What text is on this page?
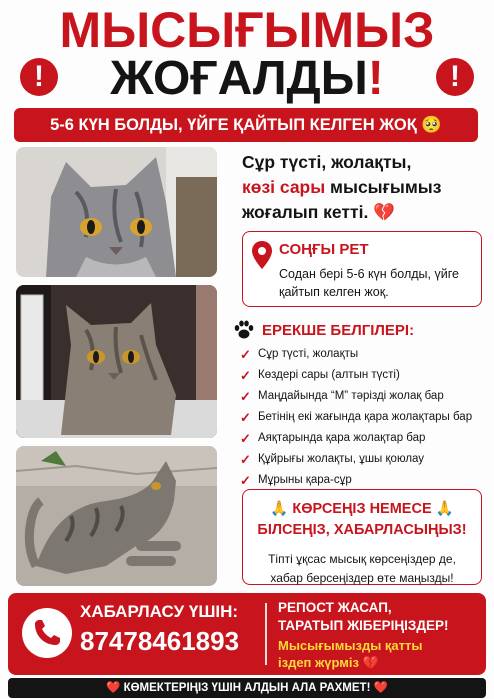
МЫСЫҒЫМЫЗ
!	ЖОҒАЛДЫ!	!
5-6 КҮН БОЛДЫ, ҮЙГЕ ҚАЙТЫП КЕЛГЕН ЖОҚ 🥺
Сұр түсті, жолақты,
көзі сары мысығымыз
жоғалып кетті. 💔
СОҢҒЫ РЕТ
Содан бері 5-6 күн болды, үйге қайтып келген жоқ.
ЕРЕКШЕ БЕЛГІЛЕРІ:
✓ Сұр түсті, жолақты
✓ Көздері сары (алтын түсті)
✓ Маңдайында “М” тәрізді жолақ бар
✓ Бетінің екі жағында қара жолақтары бар
✓ Аяқтарында қара жолақтар бар
✓ Құйрығы жолақты, ұшы қоюлау
✓ Мұрыны қара-сұр
🙏 КӨРСЕҢІЗ НЕМЕСЕ 🙏
БІЛСЕҢІЗ, ХАБАРЛАСЫҢЫЗ!
Тіпті ұқсас мысық көрсеңіздер де,
хабар берсеңіздер өте маңызды!
ХАБАРЛАСУ ҮШІН:
87478461893
РЕПОСТ ЖАСАП,
ТАРАТЫП ЖІБЕРІҢІЗДЕР!
Мысығымызды қатты
іздеп жүрміз 💔
❤️ КӨМЕКТЕРІҢІЗ ҮШІН АЛДЫН АЛА РАХМЕТ! ❤️
